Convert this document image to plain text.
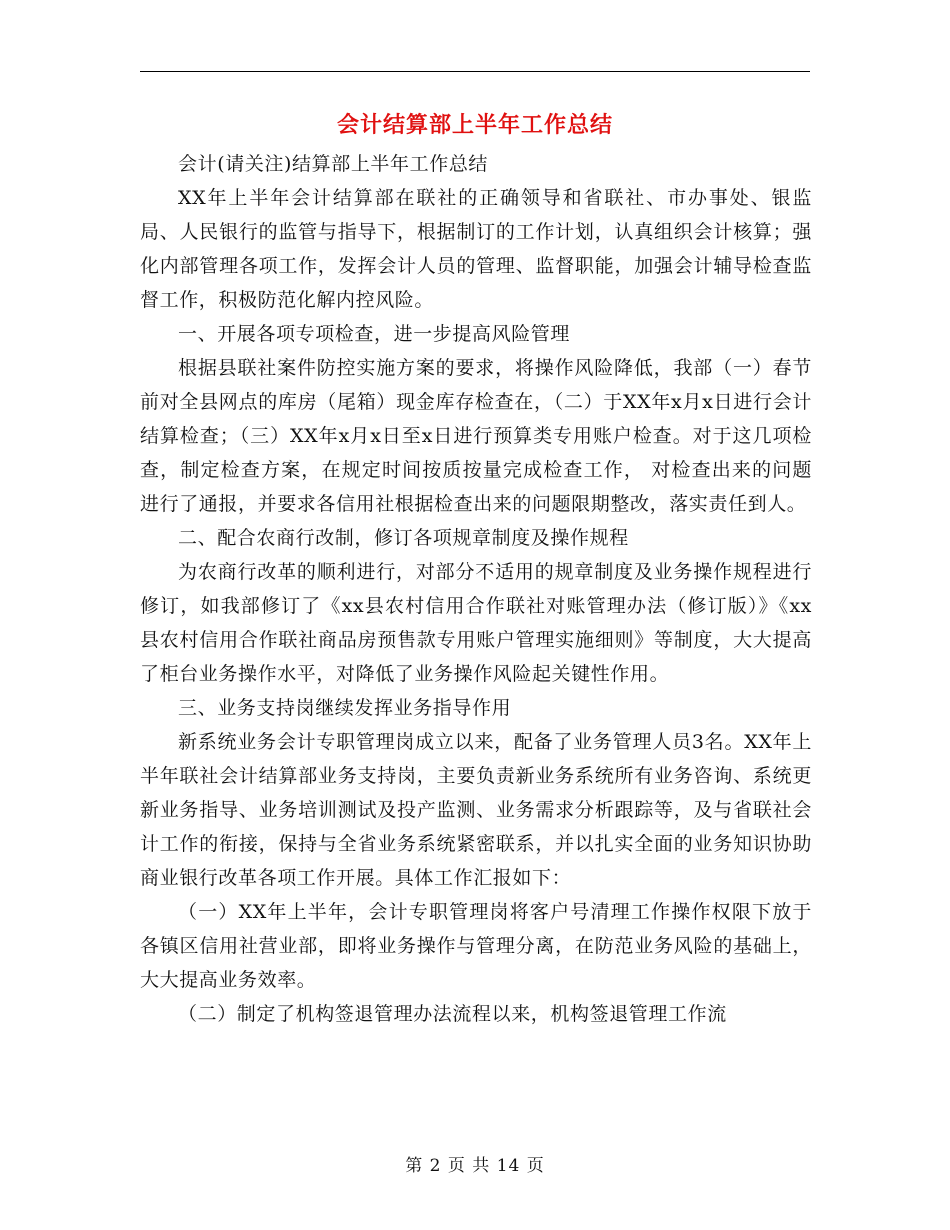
会计结算部上半年工作总结

会计(请关注)结算部上半年工作总结

XX年上半年会计结算部在联社的正确领导和省联社、市办事处、银监局、人民银行的监管与指导下，根据制订的工作计划，认真组织会计核算；强化内部管理各项工作，发挥会计人员的管理、监督职能，加强会计辅导检查监督工作，积极防范化解内控风险。

一、开展各项专项检查，进一步提高风险管理

根据县联社案件防控实施方案的要求，将操作风险降低，我部（一）春节前对全县网点的库房（尾箱）现金库存检查在，（二）于XX年x月x日进行会计结算检查；（三）XX年x月x日至x日进行预算类专用账户检查。对于这几项检查，制定检查方案，在规定时间按质按量完成检查工作， 对检查出来的问题进行了通报，并要求各信用社根据检查出来的问题限期整改，落实责任到人。

二、配合农商行改制，修订各项规章制度及操作规程

为农商行改革的顺利进行，对部分不适用的规章制度及业务操作规程进行修订，如我部修订了《xx县农村信用合作联社对账管理办法（修订版）》《xx县农村信用合作联社商品房预售款专用账户管理实施细则》等制度，大大提高了柜台业务操作水平，对降低了业务操作风险起关键性作用。

三、业务支持岗继续发挥业务指导作用

新系统业务会计专职管理岗成立以来，配备了业务管理人员3名。XX年上半年联社会计结算部业务支持岗，主要负责新业务系统所有业务咨询、系统更新业务指导、业务培训测试及投产监测、业务需求分析跟踪等，及与省联社会计工作的衔接，保持与全省业务系统紧密联系，并以扎实全面的业务知识协助商业银行改革各项工作开展。具体工作汇报如下：

（一）XX年上半年，会计专职管理岗将客户号清理工作操作权限下放于各镇区信用社营业部，即将业务操作与管理分离，在防范业务风险的基础上，大大提高业务效率。

（二）制定了机构签退管理办法流程以来，机构签退管理工作流

第 2 页 共 14 页
